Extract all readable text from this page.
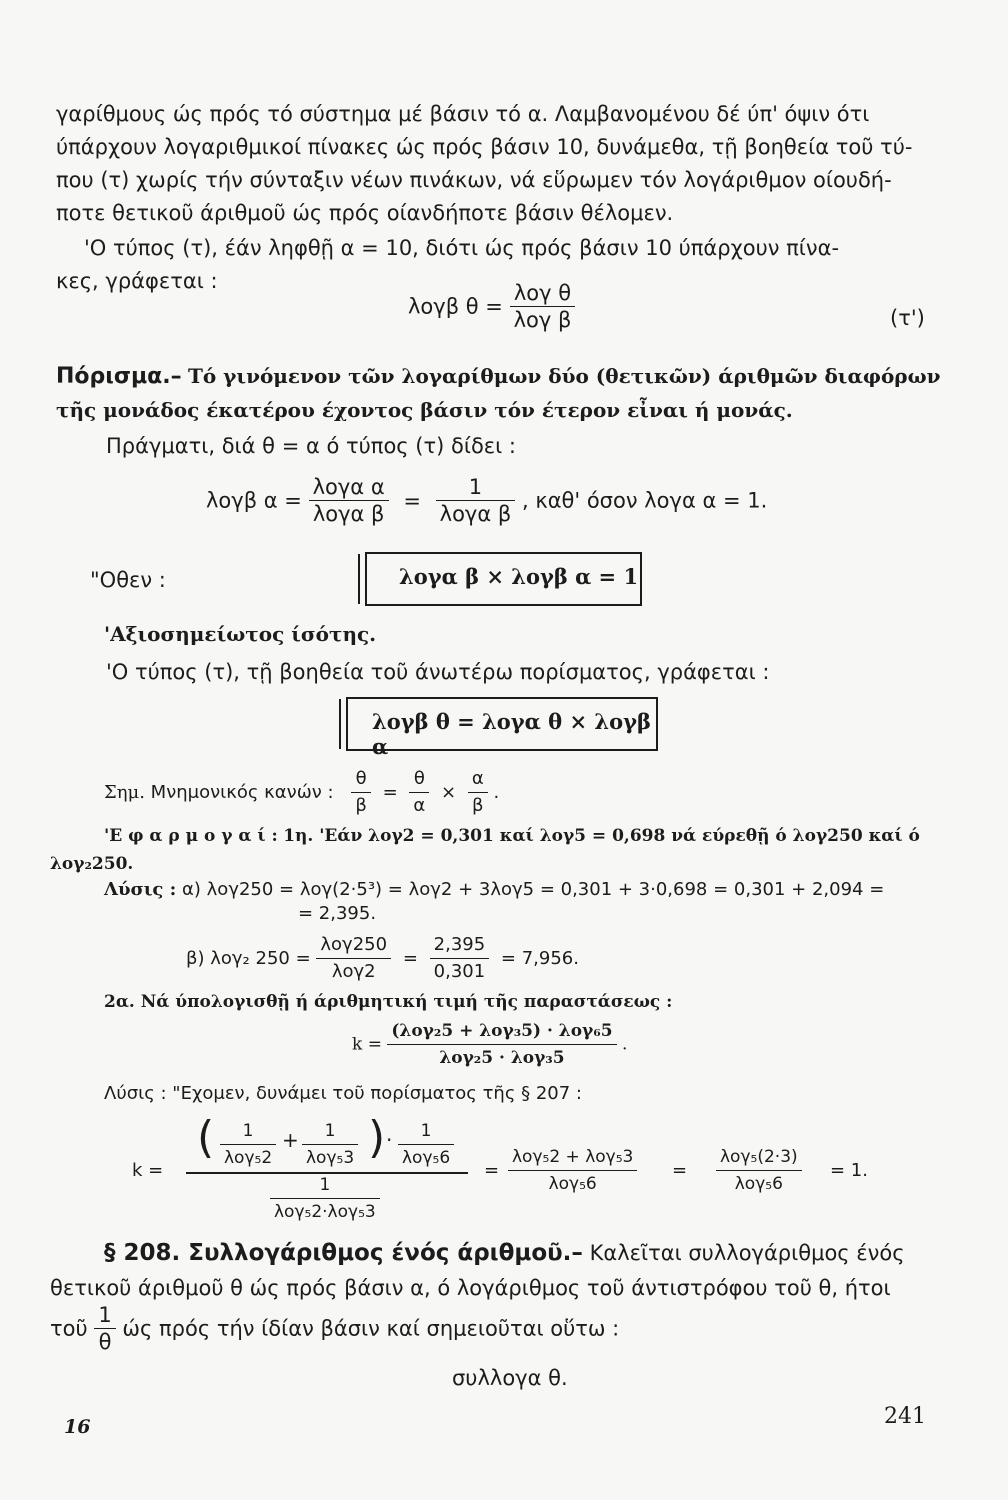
γαρίθμους ώς πρός τό σύστημα μέ βάσιν τό α. Λαμβανομένου δέ ύπ' όψιν ότι
ύπάρχουν λογαριθμικοί πίνακες ώς πρός βάσιν 10, δυνάμεθα, τῇ βοηθεία τοῦ τύ-
που (τ) χωρίς τήν σύνταξιν νέων πινάκων, νά εὕρωμεν τόν λογάριθμον οίουδή-
ποτε θετικοῦ άριθμοῦ ώς πρός οίανδήποτε βάσιν θέλομεν.
'Ο τύπος (τ), έάν ληφθῇ α = 10, διότι ώς πρός βάσιν 10 ύπάρχουν πίνα-
κες, γράφεται :
λογβ $\theta = \frac{\text{λογ θ}}{\text{λογ β}}$	(τ')
Πόρισμα.– Τό γινόμενον τῶν λογαρίθμων δύο (θετικῶν) άριθμῶν διαφόρων
τῆς μονάδος έκατέρου έχοντος βάσιν τόν έτερον εἶναι ή μονάς.
Πράγματι, διά θ = α ό τύπος (τ) δίδει :
λογβ $\alpha = \frac{\text{λογα α}}{\text{λογα β}} = \frac{1}{\text{λογα β}}$ , καθ' όσον λογα α = 1.
"Οθεν :	λογα β × λογβ α = 1
'Αξιοσημείωτος ίσότης.
'Ο τύπος (τ), τῇ βοηθεία τοῦ άνωτέρω πορίσματος, γράφεται :
λογβ θ = λογα θ × λογβ α
Σημ. Μνημονικός κανών : $\frac{\theta}{\beta} = \frac{\theta}{\alpha} \times \frac{\alpha}{\beta}$ .
'Ε φ α ρ μ ο γ α ί : 1η. 'Εάν λογ2 = 0,301 καί λογ5 = 0,698 νά εύρεθῇ ό λογ250 καί ό
λογ₂250.
Λύσις : α) λογ250 = λογ(2·5³) = λογ2 + 3λογ5 = 0,301 + 3·0,698 = 0,301 + 2,094 =
= 2,395.
β) λογ₂ $250 = \frac{\text{λογ250}}{\text{λογ2}} = \frac{2,395}{0,301} = 7,956$.
2α. Νά ύπολογισθῇ ή άριθμητική τιμή τῆς παραστάσεως :
$k = \frac{\text{(λογ₂5 + λογ₃5) · λογ₆5}}{\text{λογ₂5 · λογ₃5}}$ .
Λύσις : "Εχομεν, δυνάμει τοῦ πορίσματος τῆς § 207 :
k =
( $\frac{1}{\text{λογ₅2}} + \frac{1}{\text{λογ₅3}}$ ) · $\frac{1}{\text{λογ₅6}}$
$\frac{1}{\text{λογ₅2·λογ₅3}}$
= $\frac{\text{λογ₅2 + λογ₅3}}{\text{λογ₅6}} = \frac{\text{λογ₅(2·3)}}{\text{λογ₅6}} = 1$.
§ 208. Συλλογάριθμος ένός άριθμοῦ.– Καλεῖται συλλογάριθμος ένός
θετικοῦ άριθμοῦ θ ώς πρός βάσιν α, ό λογάριθμος τοῦ άντιστρόφου τοῦ θ, ήτοι
τοῦ $\frac{1}{\theta}$ ώς πρός τήν ίδίαν βάσιν καί σημειοῦται οὕτω :
συλλογα θ.
16	241
